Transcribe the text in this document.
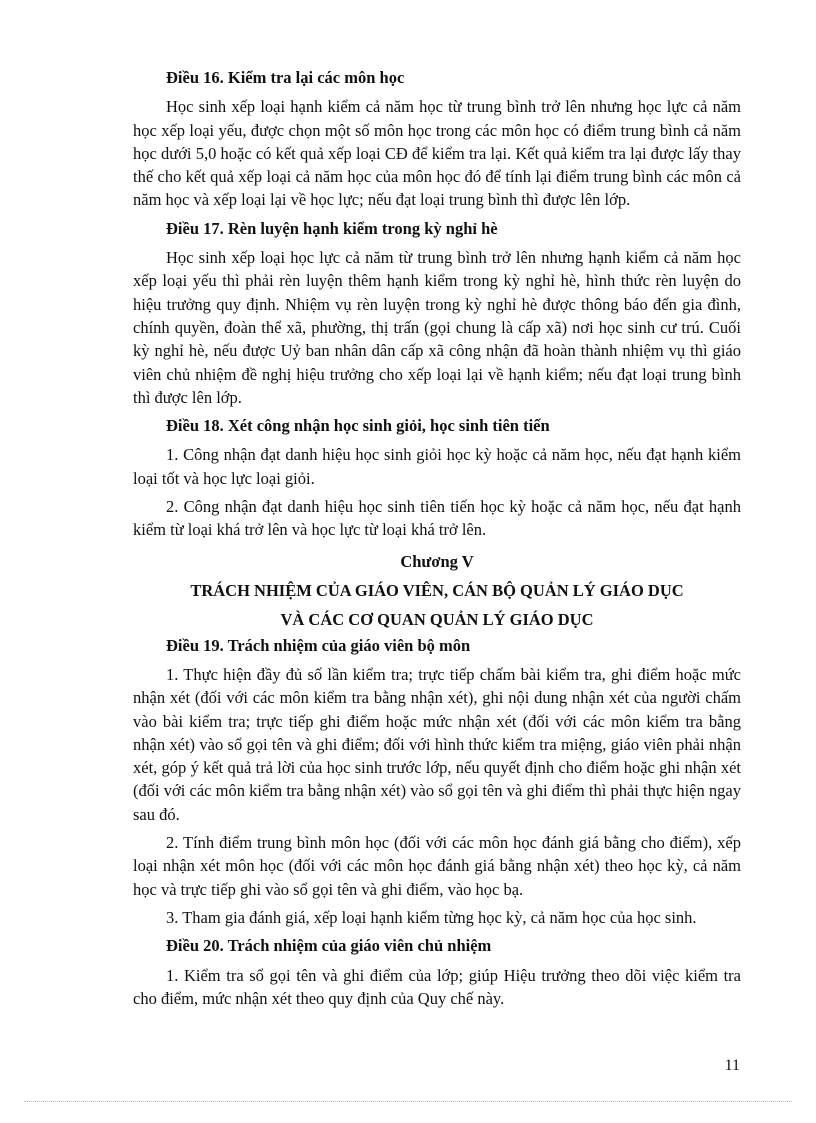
Điều 16. Kiểm tra lại các môn học

Học sinh xếp loại hạnh kiểm cả năm học từ trung bình trở lên nhưng học lực cả năm học xếp loại yếu, được chọn một số môn học trong các môn học có điểm trung bình cả năm học dưới 5,0 hoặc có kết quả xếp loại CĐ để kiểm tra lại. Kết quả kiểm tra lại được lấy thay thế cho kết quả xếp loại cả năm học của môn học đó để tính lại điểm trung bình các môn cả năm học và xếp loại lại về học lực; nếu đạt loại trung bình thì được lên lớp.

Điều 17. Rèn luyện hạnh kiểm trong kỳ nghỉ hè

Học sinh xếp loại học lực cả năm từ trung bình trở lên nhưng hạnh kiểm cả năm học xếp loại yếu thì phải rèn luyện thêm hạnh kiểm trong kỳ nghỉ hè, hình thức rèn luyện do hiệu trưởng quy định. Nhiệm vụ rèn luyện trong kỳ nghỉ hè được thông báo đến gia đình, chính quyền, đoàn thể xã, phường, thị trấn (gọi chung là cấp xã) nơi học sinh cư trú. Cuối kỳ nghỉ hè, nếu được Uỷ ban nhân dân cấp xã công nhận đã hoàn thành nhiệm vụ thì giáo viên chủ nhiệm đề nghị hiệu trưởng cho xếp loại lại về hạnh kiểm; nếu đạt loại trung bình thì được lên lớp.

Điều 18. Xét công nhận học sinh giỏi, học sinh tiên tiến

1. Công nhận đạt danh hiệu học sinh giỏi học kỳ hoặc cả năm học, nếu đạt hạnh kiểm loại tốt và học lực loại giỏi.

2. Công nhận đạt danh hiệu học sinh tiên tiến học kỳ hoặc cả năm học, nếu đạt hạnh kiểm từ loại khá trở lên và học lực từ loại khá trở lên.

Chương V
TRÁCH NHIỆM CỦA GIÁO VIÊN, CÁN BỘ QUẢN LÝ GIÁO DỤC
VÀ CÁC CƠ QUAN QUẢN LÝ GIÁO DỤC
Điều 19. Trách nhiệm của giáo viên bộ môn

1. Thực hiện đầy đủ số lần kiểm tra; trực tiếp chấm bài kiểm tra, ghi điểm hoặc mức nhận xét (đối với các môn kiểm tra bằng nhận xét), ghi nội dung nhận xét của người chấm vào bài kiểm tra; trực tiếp ghi điểm hoặc mức nhận xét (đối với các môn kiểm tra bằng nhận xét) vào sổ gọi tên và ghi điểm; đối với hình thức kiểm tra miệng, giáo viên phải nhận xét, góp ý kết quả trả lời của học sinh trước lớp, nếu quyết định cho điểm hoặc ghi nhận xét (đối với các môn kiểm tra bằng nhận xét) vào sổ gọi tên và ghi điểm thì phải thực hiện ngay sau đó.

2. Tính điểm trung bình môn học (đối với các môn học đánh giá bằng cho điểm), xếp loại nhận xét môn học (đối với các môn học đánh giá bằng nhận xét) theo học kỳ, cả năm học và trực tiếp ghi vào sổ gọi tên và ghi điểm, vào học bạ.

3. Tham gia đánh giá, xếp loại hạnh kiểm từng học kỳ, cả năm học của học sinh.

Điều 20. Trách nhiệm của giáo viên chủ nhiệm

1. Kiểm tra sổ gọi tên và ghi điểm của lớp; giúp Hiệu trưởng theo dõi việc kiểm tra cho điểm, mức nhận xét theo quy định của Quy chế này.

11
